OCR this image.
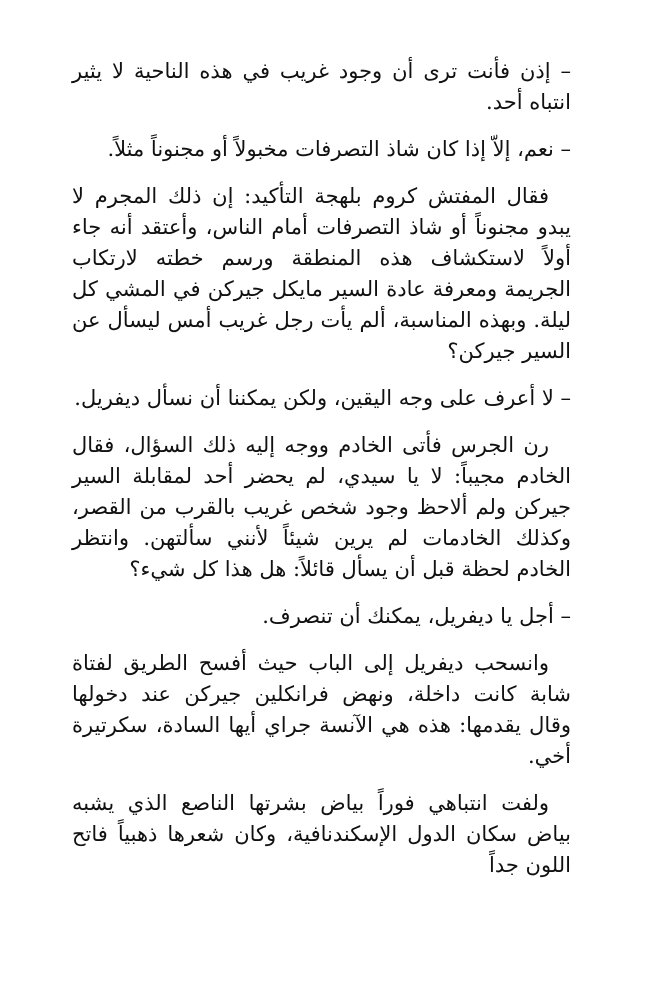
– إذن فأنت ترى أن وجود غريب في هذه الناحية لا يثير انتباه أحد.

– نعم، إلاّ إذا كان شاذ التصرفات مخبولاً أو مجنوناً مثلاً.

فقال المفتش كروم بلهجة التأكيد: إن ذلك المجرم لا يبدو مجنوناً أو شاذ التصرفات أمام الناس، وأعتقد أنه جاء أولاً لاستكشاف هذه المنطقة ورسم خطته لارتكاب الجريمة ومعرفة عادة السير مايكل جيركن في المشي كل ليلة. وبهذه المناسبة، ألم يأت رجل غريب أمس ليسأل عن السير جيركن؟

– لا أعرف على وجه اليقين، ولكن يمكننا أن نسأل ديفريل.

رن الجرس فأتى الخادم ووجه إليه ذلك السؤال، فقال الخادم مجيباً: لا يا سيدي، لم يحضر أحد لمقابلة السير جيركن ولم ألاحظ وجود شخص غريب بالقرب من القصر، وكذلك الخادمات لم يرين شيئاً لأنني سألتهن. وانتظر الخادم لحظة قبل أن يسأل قائلاً: هل هذا كل شيء؟

– أجل يا ديفريل، يمكنك أن تنصرف.

وانسحب ديفريل إلى الباب حيث أفسح الطريق لفتاة شابة كانت داخلة، ونهض فرانكلين جيركن عند دخولها وقال يقدمها: هذه هي الآنسة جراي أيها السادة، سكرتيرة أخي.

ولفت انتباهي فوراً بياض بشرتها الناصع الذي يشبه بياض سكان الدول الإسكندنافية، وكان شعرها ذهبياً فاتح اللون جداً
